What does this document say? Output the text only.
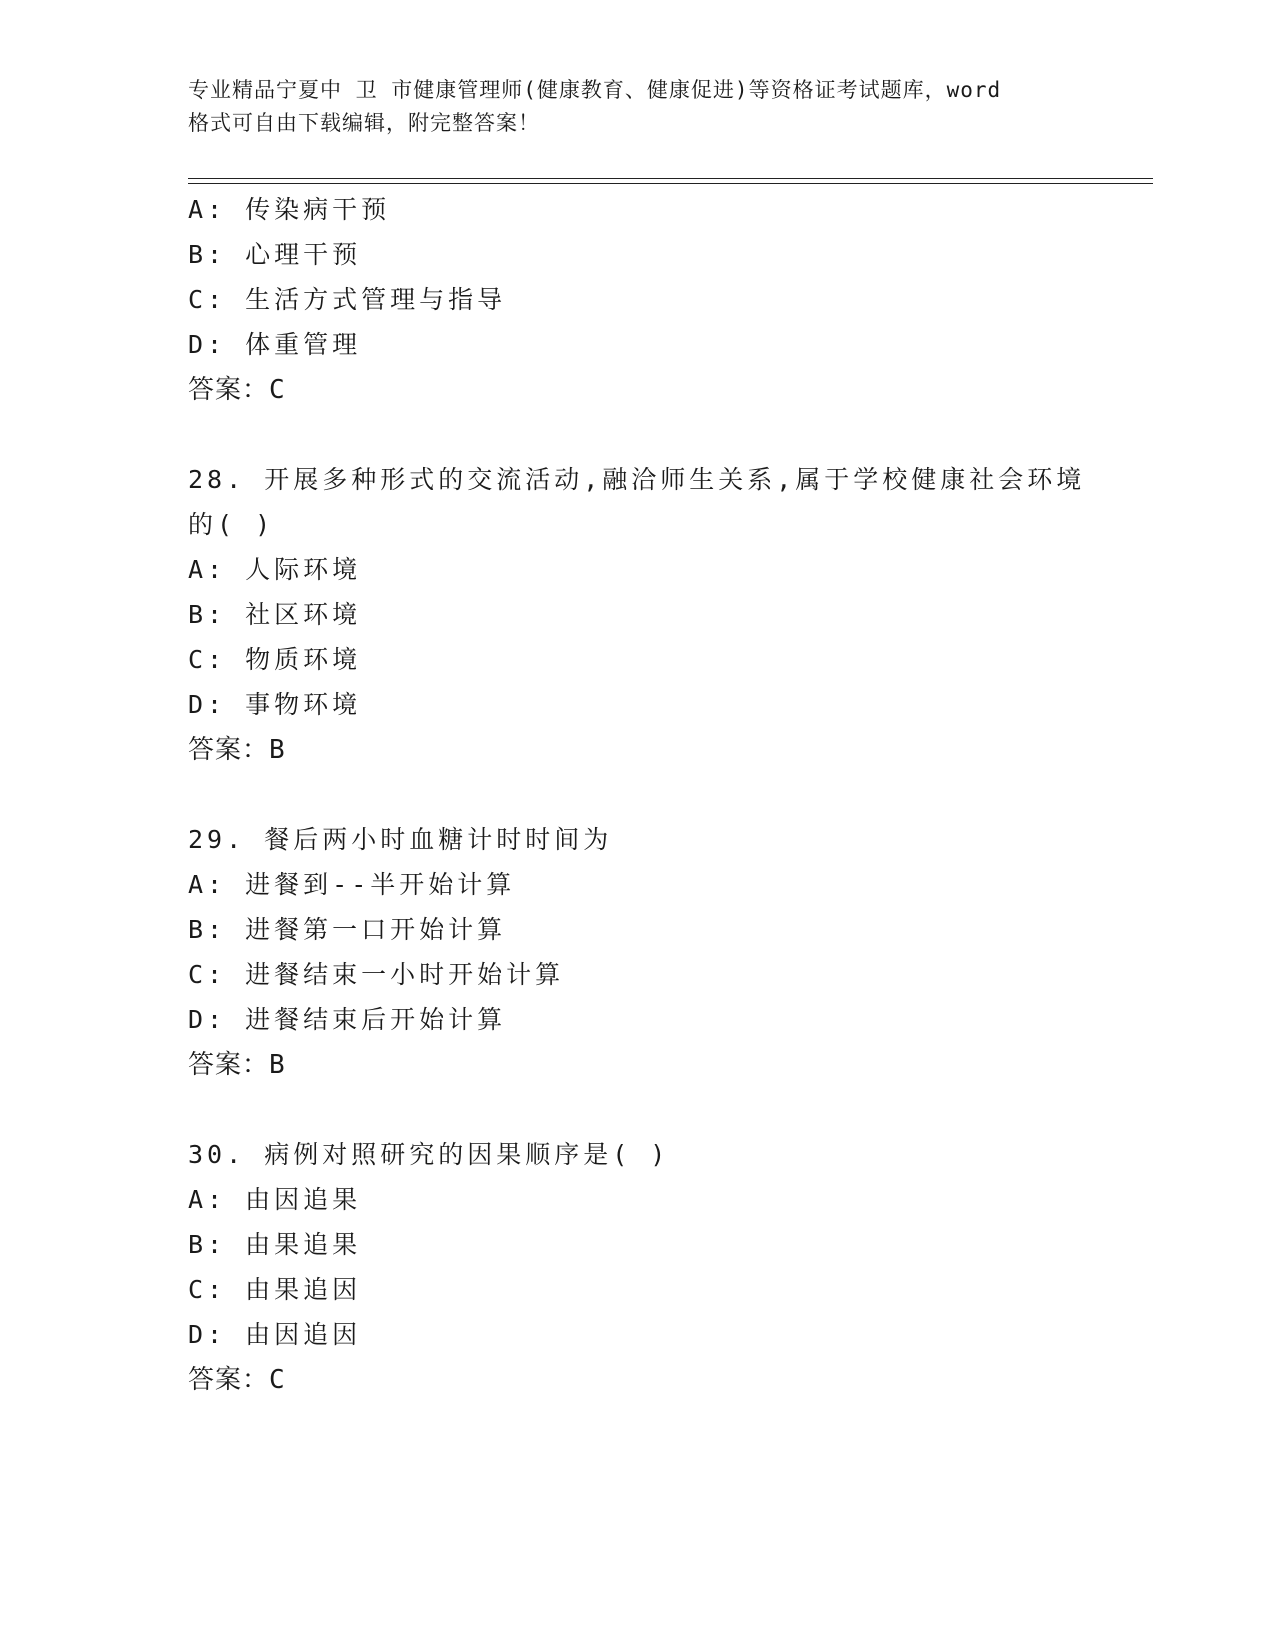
专业精品宁夏中 卫 市健康管理师(健康教育、健康促进)等资格证考试题库，word
格式可自由下载编辑，附完整答案！
A: 传染病干预
B: 心理干预
C: 生活方式管理与指导
D: 体重管理
答案：C
28. 开展多种形式的交流活动,融洽师生关系,属于学校健康社会环境
的( )
A: 人际环境
B: 社区环境
C: 物质环境
D: 事物环境
答案：B
29. 餐后两小时血糖计时时间为
A: 进餐到--半开始计算
B: 进餐第一口开始计算
C: 进餐结束一小时开始计算
D: 进餐结束后开始计算
答案：B
30. 病例对照研究的因果顺序是( )
A: 由因追果
B: 由果追果
C: 由果追因
D: 由因追因
答案：C
